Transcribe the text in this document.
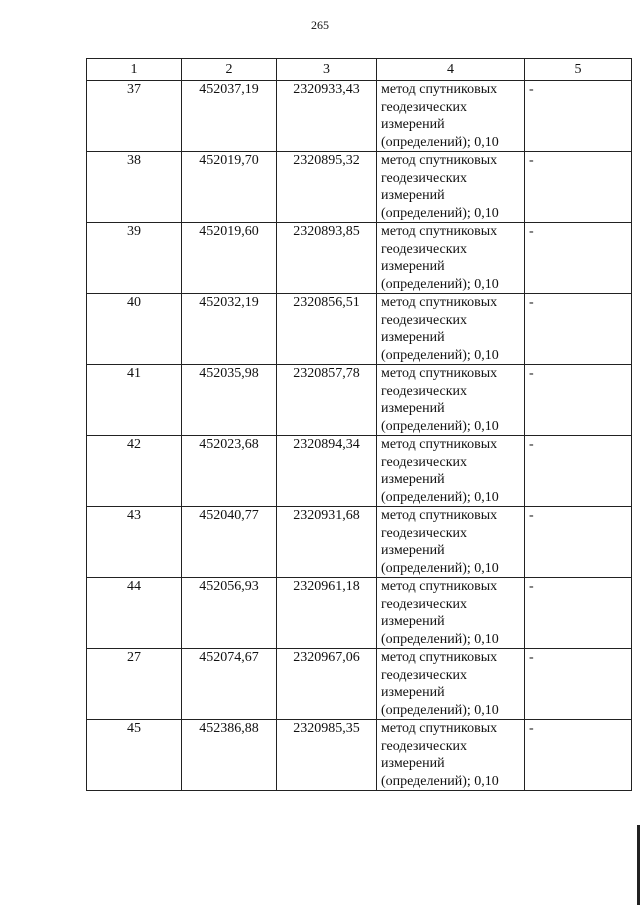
265
1	2	3	4	5
37	452037,19	2320933,43	метод спутниковых геодезических измерений (определений); 0,10	-
38	452019,70	2320895,32	метод спутниковых геодезических измерений (определений); 0,10	-
39	452019,60	2320893,85	метод спутниковых геодезических измерений (определений); 0,10	-
40	452032,19	2320856,51	метод спутниковых геодезических измерений (определений); 0,10	-
41	452035,98	2320857,78	метод спутниковых геодезических измерений (определений); 0,10	-
42	452023,68	2320894,34	метод спутниковых геодезических измерений (определений); 0,10	-
43	452040,77	2320931,68	метод спутниковых геодезических измерений (определений); 0,10	-
44	452056,93	2320961,18	метод спутниковых геодезических измерений (определений); 0,10	-
27	452074,67	2320967,06	метод спутниковых геодезических измерений (определений); 0,10	-
45	452386,88	2320985,35	метод спутниковых геодезических измерений (определений); 0,10	-
